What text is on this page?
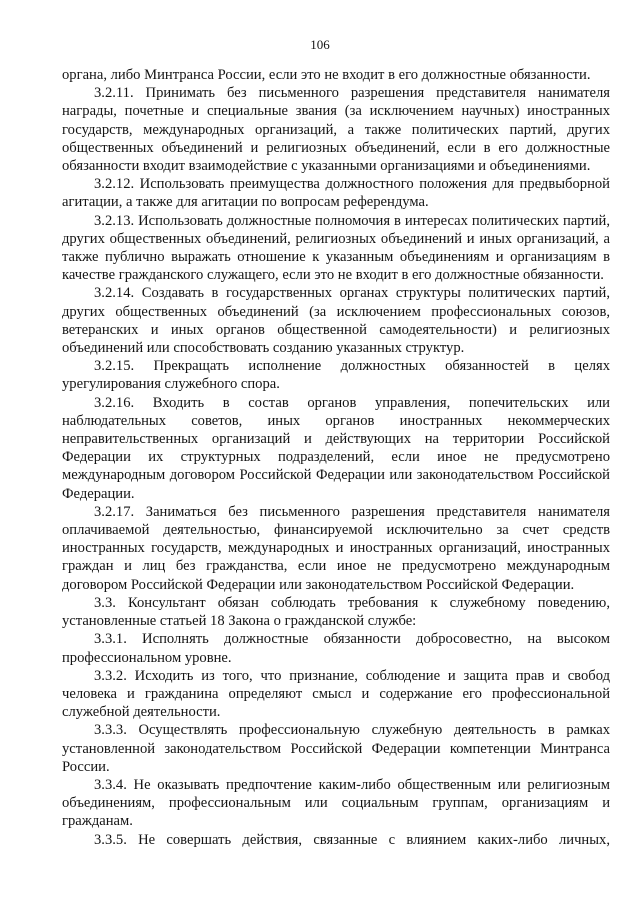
106

органа, либо Минтранса России, если это не входит в его должностные обязанности.

3.2.11. Принимать без письменного разрешения представителя нанимателя награды, почетные и специальные звания (за исключением научных) иностранных государств, международных организаций, а также политических партий, других общественных объединений и религиозных объединений, если в его должностные обязанности входит взаимодействие с указанными организациями и объединениями.

3.2.12. Использовать преимущества должностного положения для предвыборной агитации, а также для агитации по вопросам референдума.

3.2.13. Использовать должностные полномочия в интересах политических партий, других общественных объединений, религиозных объединений и иных организаций, а также публично выражать отношение к указанным объединениям и организациям в качестве гражданского служащего, если это не входит в его должностные обязанности.

3.2.14. Создавать в государственных органах структуры политических партий, других общественных объединений (за исключением профессиональных союзов, ветеранских и иных органов общественной самодеятельности) и религиозных объединений или способствовать созданию указанных структур.

3.2.15. Прекращать исполнение должностных обязанностей в целях урегулирования служебного спора.

3.2.16. Входить в состав органов управления, попечительских или наблюдательных советов, иных органов иностранных некоммерческих неправительственных организаций и действующих на территории Российской Федерации их структурных подразделений, если иное не предусмотрено международным договором Российской Федерации или законодательством Российской Федерации.

3.2.17. Заниматься без письменного разрешения представителя нанимателя оплачиваемой деятельностью, финансируемой исключительно за счет средств иностранных государств, международных и иностранных организаций, иностранных граждан и лиц без гражданства, если иное не предусмотрено международным договором Российской Федерации или законодательством Российской Федерации.

3.3. Консультант обязан соблюдать требования к служебному поведению, установленные статьей 18 Закона о гражданской службе:

3.3.1. Исполнять должностные обязанности добросовестно, на высоком профессиональном уровне.

3.3.2. Исходить из того, что признание, соблюдение и защита прав и свобод человека и гражданина определяют смысл и содержание его профессиональной служебной деятельности.

3.3.3. Осуществлять профессиональную служебную деятельность в рамках установленной законодательством Российской Федерации компетенции Минтранса России.

3.3.4. Не оказывать предпочтение каким-либо общественным или религиозным объединениям, профессиональным или социальным группам, организациям и гражданам.

3.3.5. Не совершать действия, связанные с влиянием каких-либо личных,
